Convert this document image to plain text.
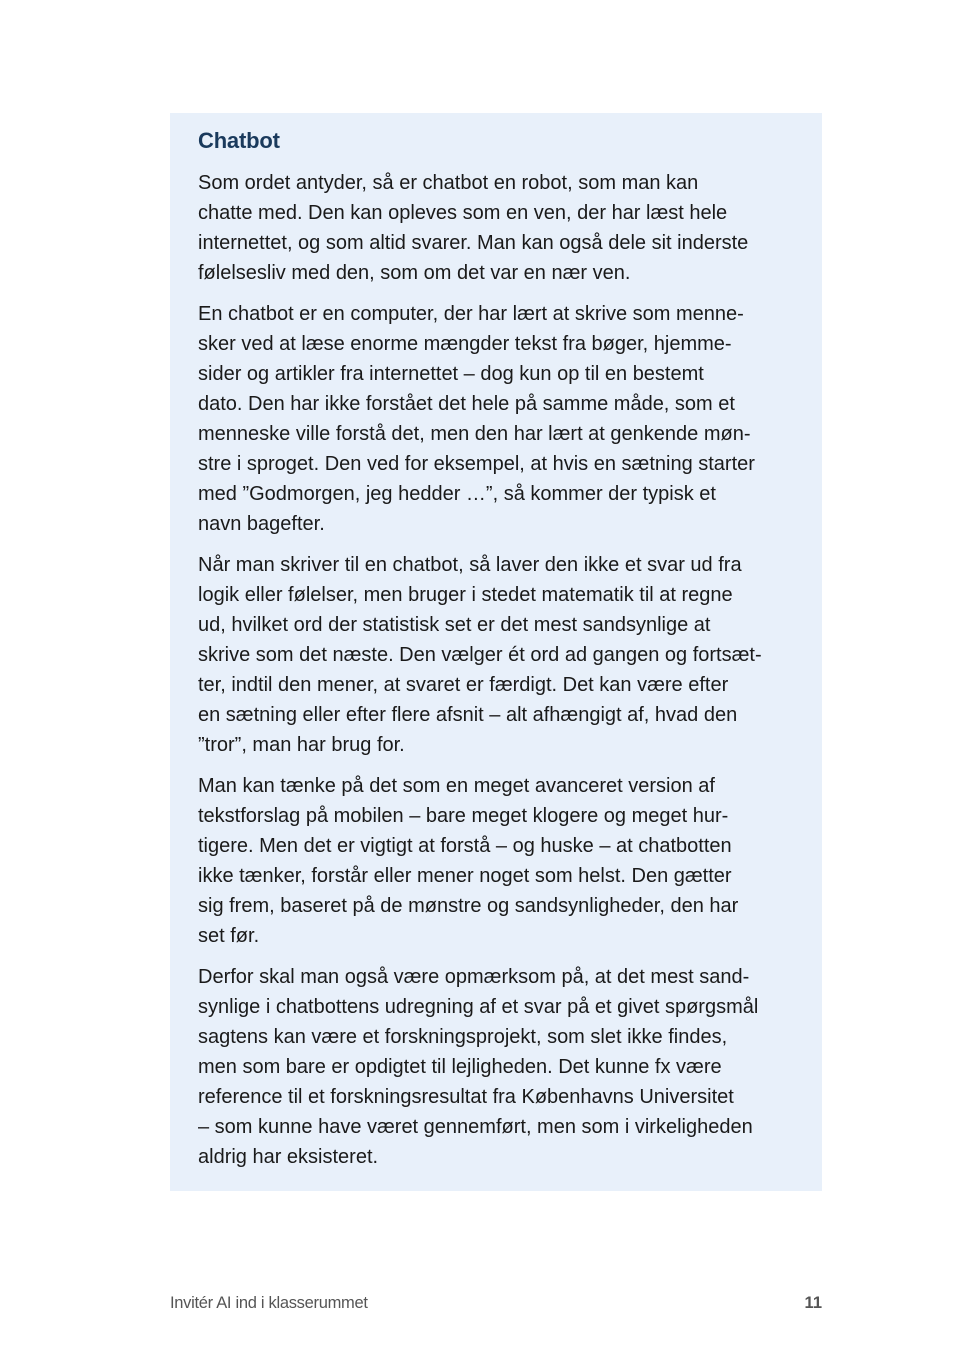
Chatbot

Som ordet antyder, så er chatbot en robot, som man kan
chatte med. Den kan opleves som en ven, der har læst hele
internettet, og som altid svarer. Man kan også dele sit inderste
følelsesliv med den, som om det var en nær ven.

En chatbot er en computer, der har lært at skrive som menne-
sker ved at læse enorme mængder tekst fra bøger, hjemme-
sider og artikler fra internettet – dog kun op til en bestemt
dato. Den har ikke forstået det hele på samme måde, som et
menneske ville forstå det, men den har lært at genkende møn-
stre i sproget. Den ved for eksempel, at hvis en sætning starter
med ”Godmorgen, jeg hedder …”, så kommer der typisk et
navn bagefter.

Når man skriver til en chatbot, så laver den ikke et svar ud fra
logik eller følelser, men bruger i stedet matematik til at regne
ud, hvilket ord der statistisk set er det mest sandsynlige at
skrive som det næste. Den vælger ét ord ad gangen og fortsæt-
ter, indtil den mener, at svaret er færdigt. Det kan være efter
en sætning eller efter flere afsnit – alt afhængigt af, hvad den
”tror”, man har brug for.

Man kan tænke på det som en meget avanceret version af
tekstforslag på mobilen – bare meget klogere og meget hur-
tigere. Men det er vigtigt at forstå – og huske – at chatbotten
ikke tænker, forstår eller mener noget som helst. Den gætter
sig frem, baseret på de mønstre og sandsynligheder, den har
set før.

Derfor skal man også være opmærksom på, at det mest sand-
synlige i chatbottens udregning af et svar på et givet spørgsmål
sagtens kan være et forskningsprojekt, som slet ikke findes,
men som bare er opdigtet til lejligheden. Det kunne fx være
reference til et forskningsresultat fra Københavns Universitet
– som kunne have været gennemført, men som i virkeligheden
aldrig har eksisteret.

Invitér AI ind i klasserummet	11
